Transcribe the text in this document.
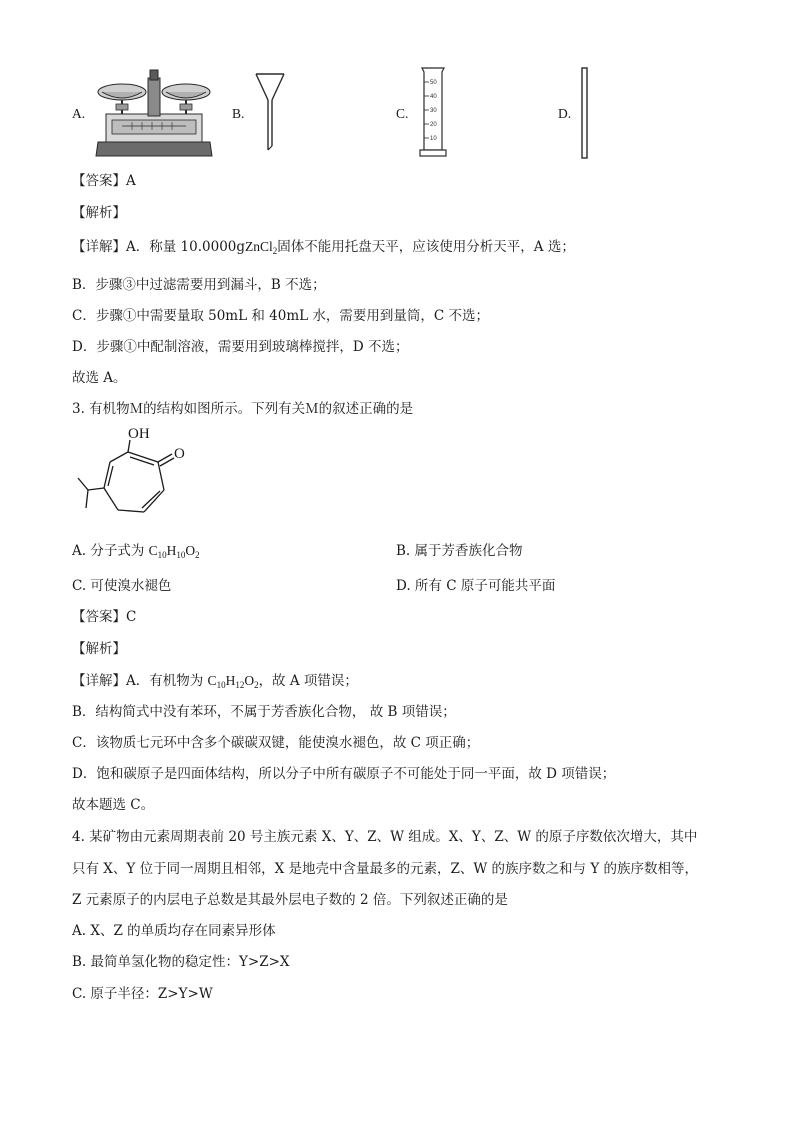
A.	B.	C.
50
40
30
20
10
D.
【答案】A
【解析】
【详解】A．称量 10.0000gZnCl$_2$固体不能用托盘天平，应该使用分析天平，A 选；
B．步骤③中过滤需要用到漏斗，B 不选；
C．步骤①中需要量取 50mL 和 40mL 水，需要用到量筒，C 不选；
D．步骤①中配制溶液，需要用到玻璃棒搅拌，D 不选；
故选 A。
3. 有机物Ｍ的结构如图所示。下列有关Ｍ的叙述正确的是
OH
O
A. 分子式为 $C_{10}H_{10}O_2$	B. 属于芳香族化合物
C. 可使溴水褪色	D. 所有 C 原子可能共平面
【答案】C
【解析】
【详解】A．有机物为 $C_{10}H_{12}O_2$，故 A 项错误；
B．结构简式中没有苯环，不属于芳香族化合物， 故 B 项错误；
C．该物质七元环中含多个碳碳双键，能使溴水褪色，故 C 项正确；
D．饱和碳原子是四面体结构，所以分子中所有碳原子不可能处于同一平面，故 D 项错误；
故本题选 C。
4. 某矿物由元素周期表前 20 号主族元素 X、Y、Z、W 组成。X、Y、Z、W 的原子序数依次增大，其中
只有 X、Y 位于同一周期且相邻，X 是地壳中含量最多的元素，Z、W 的族序数之和与 Y 的族序数相等，
Z 元素原子的内层电子总数是其最外层电子数的 2 倍。下列叙述正确的是
A. X、Z 的单质均存在同素异形体
B. 最简单氢化物的稳定性：Y>Z>X
C. 原子半径：Z>Y>W
